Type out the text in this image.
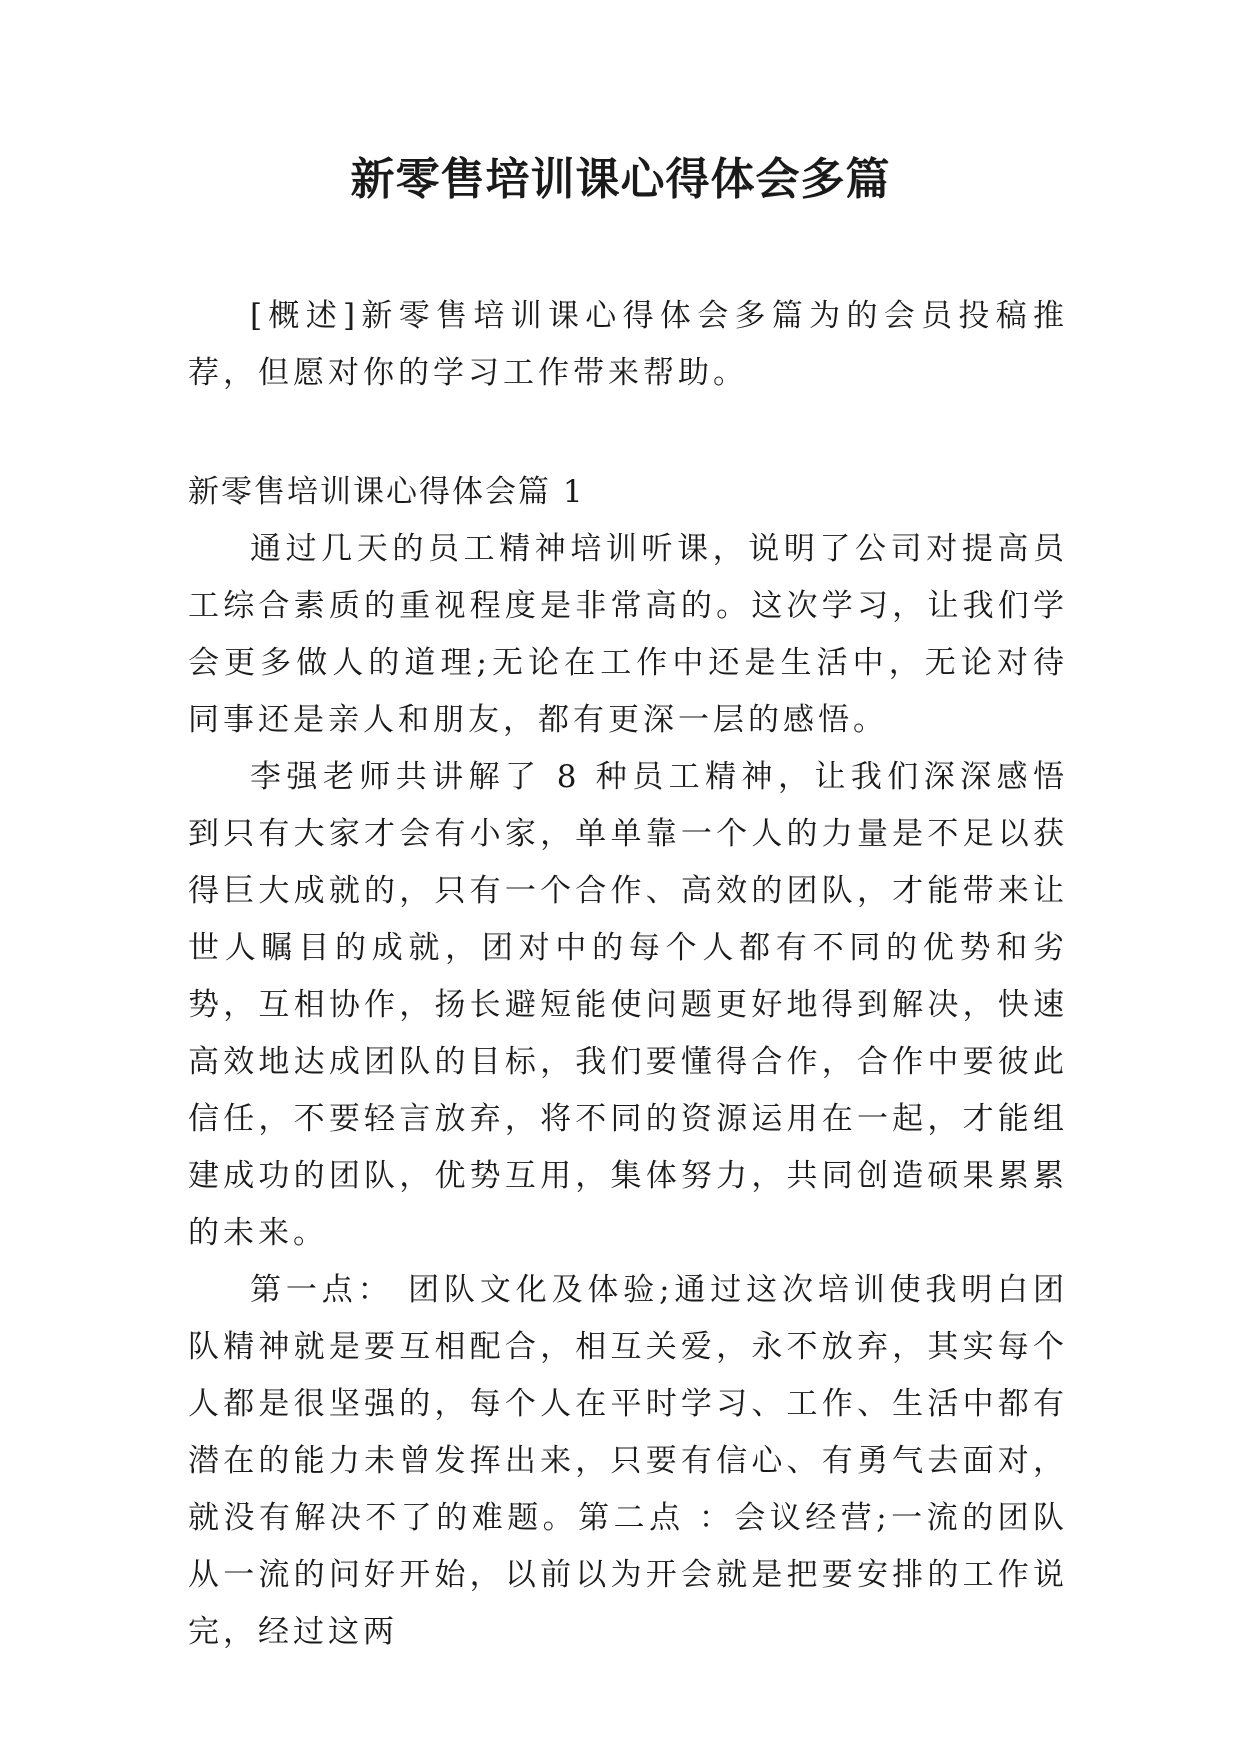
新零售培训课心得体会多篇

[概述]新零售培训课心得体会多篇为的会员投稿推荐，但愿对你的学习工作带来帮助。

新零售培训课心得体会篇 1

通过几天的员工精神培训听课，说明了公司对提高员工综合素质的重视程度是非常高的。这次学习，让我们学会更多做人的道理;无论在工作中还是生活中，无论对待同事还是亲人和朋友，都有更深一层的感悟。

李强老师共讲解了 8 种员工精神，让我们深深感悟到只有大家才会有小家，单单靠一个人的力量是不足以获得巨大成就的，只有一个合作、高效的团队，才能带来让世人瞩目的成就，团对中的每个人都有不同的优势和劣势，互相协作，扬长避短能使问题更好地得到解决，快速高效地达成团队的目标，我们要懂得合作，合作中要彼此信任，不要轻言放弃，将不同的资源运用在一起，才能组建成功的团队，优势互用，集体努力，共同创造硕果累累的未来。

第一点： 团队文化及体验;通过这次培训使我明白团队精神就是要互相配合，相互关爱，永不放弃，其实每个人都是很坚强的，每个人在平时学习、工作、生活中都有潜在的能力未曾发挥出来，只要有信心、有勇气去面对，就没有解决不了的难题。第二点 ：会议经营;一流的团队从一流的问好开始，以前以为开会就是把要安排的工作说完，经过这两
